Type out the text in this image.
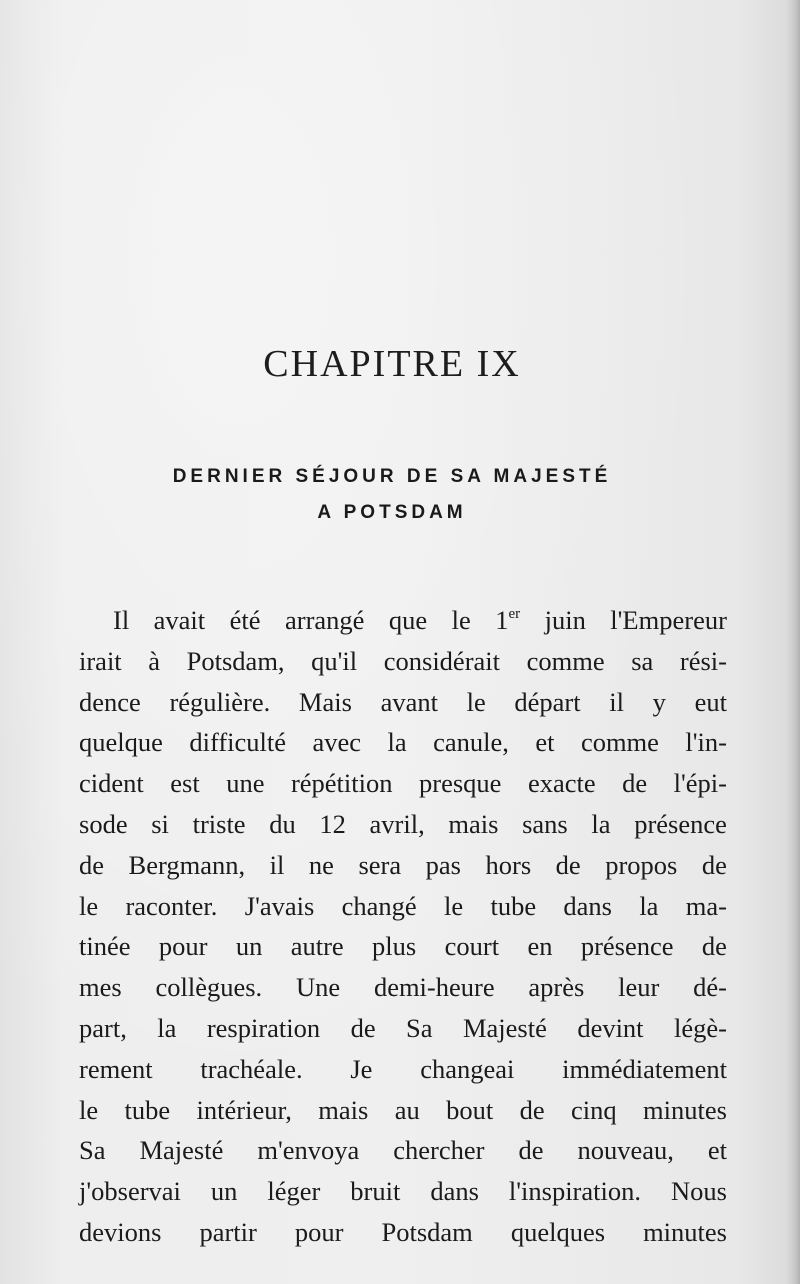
CHAPITRE IX
DERNIER SÉJOUR DE SA MAJESTÉ
A POTSDAM
Il avait été arrangé que le 1er juin l'Empereur
irait à Potsdam, qu'il considérait comme sa rési-
dence régulière. Mais avant le départ il y eut
quelque difficulté avec la canule, et comme l'in-
cident est une répétition presque exacte de l'épi-
sode si triste du 12 avril, mais sans la présence
de Bergmann, il ne sera pas hors de propos de
le raconter. J'avais changé le tube dans la ma-
tinée pour un autre plus court en présence de
mes collègues. Une demi-heure après leur dé-
part, la respiration de Sa Majesté devint légè-
rement trachéale. Je changeai immédiatement
le tube intérieur, mais au bout de cinq minutes
Sa Majesté m'envoya chercher de nouveau, et
j'observai un léger bruit dans l'inspiration. Nous
devions partir pour Potsdam quelques minutes
